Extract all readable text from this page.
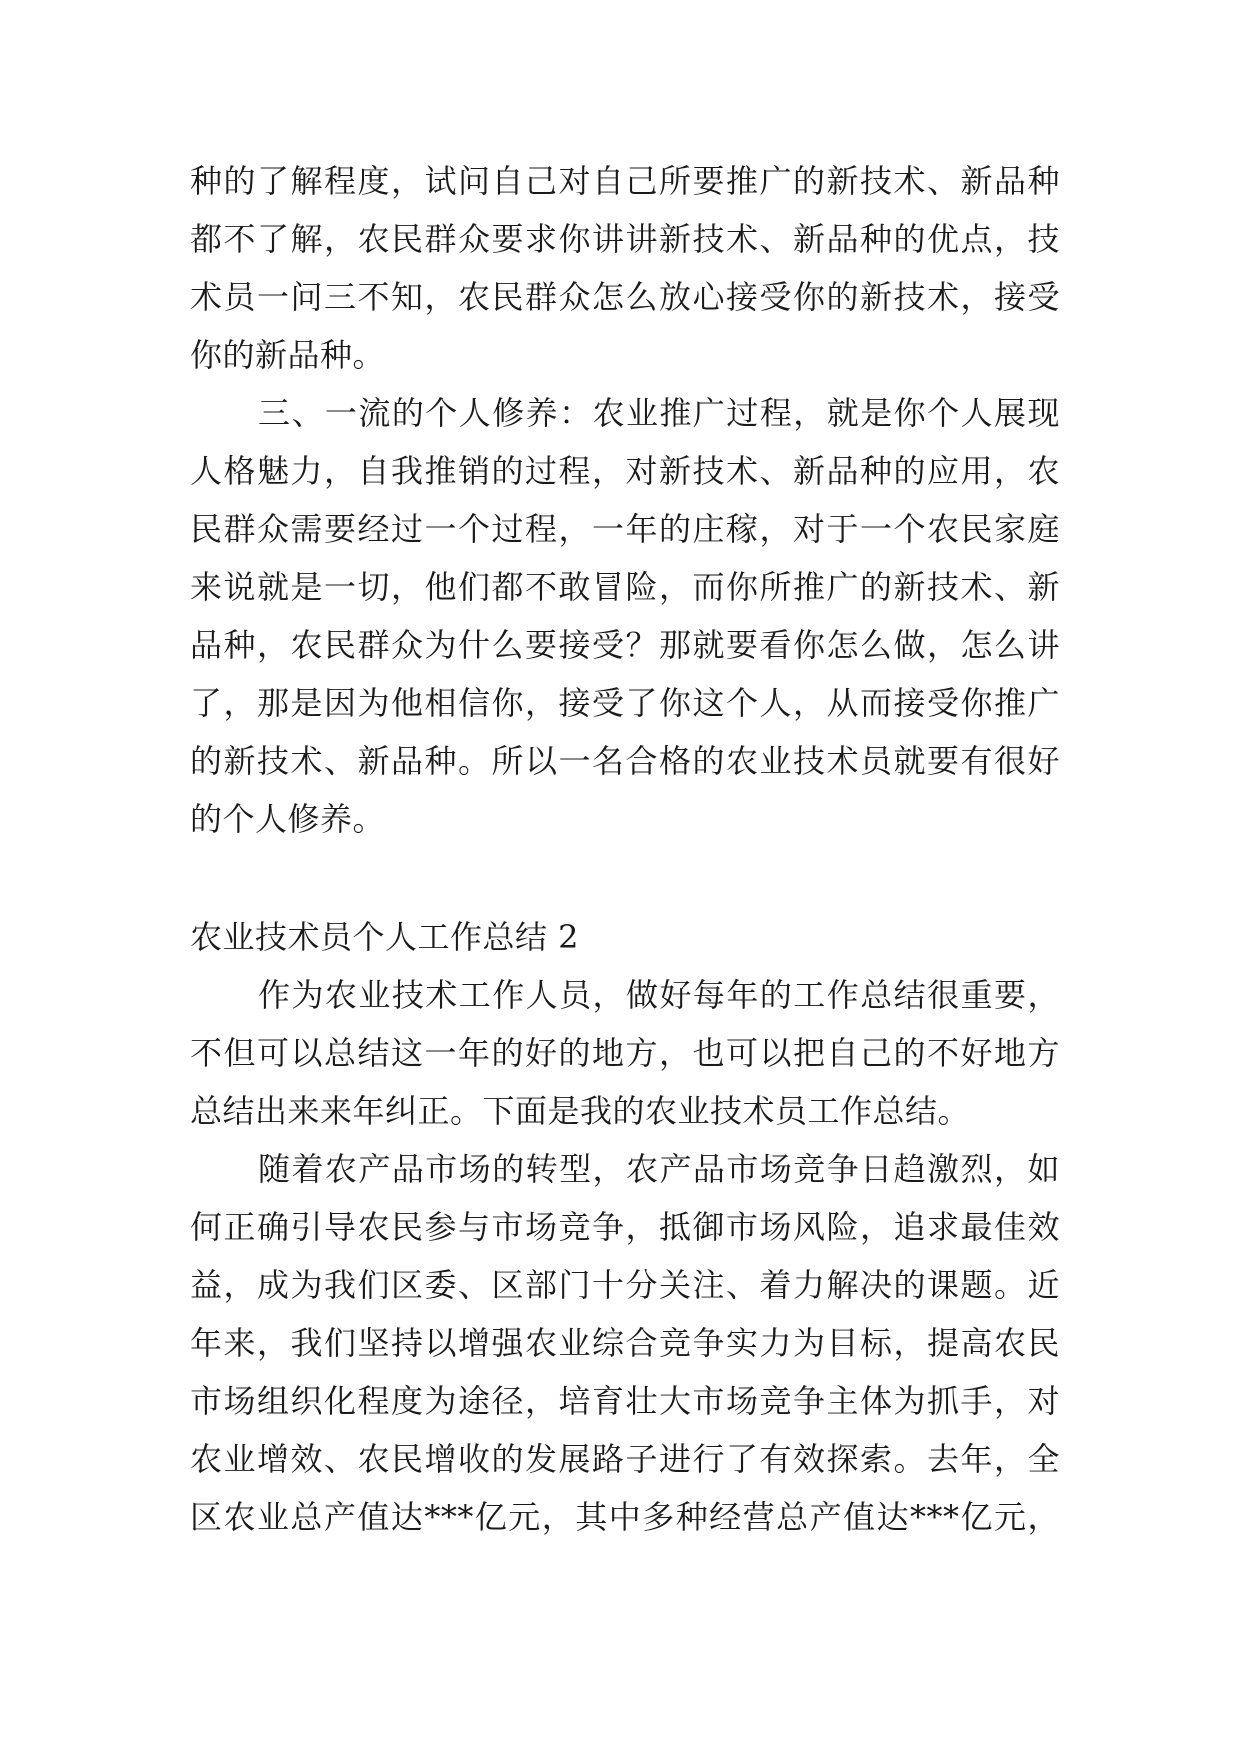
种的了解程度，试问自己对自己所要推广的新技术、新品种
都不了解，农民群众要求你讲讲新技术、新品种的优点，技
术员一问三不知，农民群众怎么放心接受你的新技术，接受
你的新品种。
三、一流的个人修养：农业推广过程，就是你个人展现
人格魅力，自我推销的过程，对新技术、新品种的应用，农
民群众需要经过一个过程，一年的庄稼，对于一个农民家庭
来说就是一切，他们都不敢冒险，而你所推广的新技术、新
品种，农民群众为什么要接受？那就要看你怎么做，怎么讲
了，那是因为他相信你，接受了你这个人，从而接受你推广
的新技术、新品种。所以一名合格的农业技术员就要有很好
的个人修养。
农业技术员个人工作总结 2
作为农业技术工作人员，做好每年的工作总结很重要，
不但可以总结这一年的好的地方，也可以把自己的不好地方
总结出来来年纠正。下面是我的农业技术员工作总结。
随着农产品市场的转型，农产品市场竞争日趋激烈，如
何正确引导农民参与市场竞争，抵御市场风险，追求最佳效
益，成为我们区委、区部门十分关注、着力解决的课题。近
年来，我们坚持以增强农业综合竞争实力为目标，提高农民
市场组织化程度为途径，培育壮大市场竞争主体为抓手，对
农业增效、农民增收的发展路子进行了有效探索。去年，全
区农业总产值达***亿元，其中多种经营总产值达***亿元，
